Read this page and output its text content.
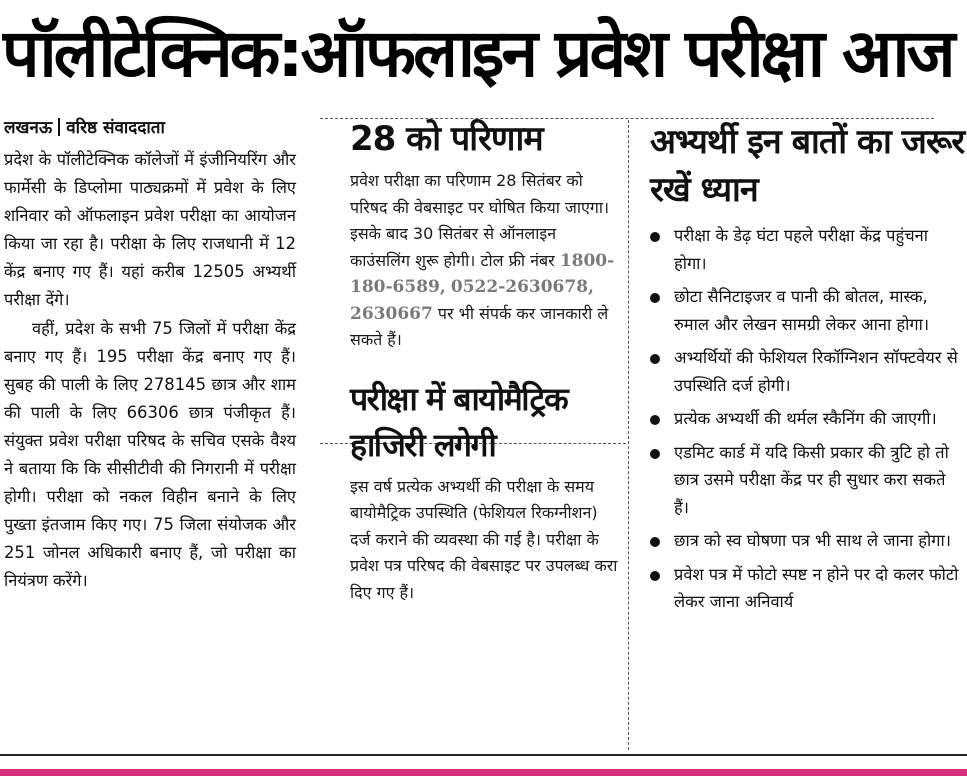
पॉलीटेक्निक:ऑफलाइन प्रवेश परीक्षा आज
लखनऊ वरिष्ठ संवाददाता

प्रदेश के पॉलीटेक्निक कॉलेजों में इंजीनियरिंग और फार्मेसी के डिप्लोमा पाठ्यक्रमों में प्रवेश के लिए शनिवार को ऑफलाइन प्रवेश परीक्षा का आयोजन किया जा रहा है। परीक्षा के लिए राजधानी में 12 केंद्र बनाए गए हैं। यहां करीब 12505 अभ्यर्थी परीक्षा देंगे।

वहीं, प्रदेश के सभी 75 जिलों में परीक्षा केंद्र बनाए गए हैं। 195 परीक्षा केंद्र बनाए गए हैं। सुबह की पाली के लिए 278145 छात्र और शाम की पाली के लिए 66306 छात्र पंजीकृत हैं। संयुक्त प्रवेश परीक्षा परिषद के सचिव एसके वैश्य ने बताया कि कि सीसीटीवी की निगरानी में परीक्षा होगी। परीक्षा को नकल विहीन बनाने के लिए पुख्ता इंतजाम किए गए। 75 जिला संयोजक और 251 जोनल अधिकारी बनाए हैं, जो परीक्षा का नियंत्रण करेंगे।

28 को परिणाम
प्रवेश परीक्षा का परिणाम 28 सितंबर को परिषद की वेबसाइट पर घोषित किया जाएगा। इसके बाद 30 सितंबर से ऑनलाइन काउंसलिंग शुरू होगी। टोल फ्री नंबर 1800-180-6589, 0522-2630678, 2630667 पर भी संपर्क कर जानकारी ले सकते हैं।
परीक्षा में बायोमैट्रिक हाजिरी लगेगी
इस वर्ष प्रत्येक अभ्यर्थी की परीक्षा के समय बायोमैट्रिक उपस्थिति (फेशियल रिकग्नीशन) दर्ज कराने की व्यवस्था की गई है। परीक्षा के प्रवेश पत्र परिषद की वेबसाइट पर उपलब्ध करा दिए गए हैं।
अभ्यर्थी इन बातों का जरूर रखें ध्यान
परीक्षा के डेढ़ घंटा पहले परीक्षा केंद्र पहुंचना होगा।
छोटा सैनिटाइजर व पानी की बोतल, मास्क, रुमाल और लेखन सामग्री लेकर आना होगा।
अभ्यर्थियों की फेशियल रिकॉग्निशन सॉफ्टवेयर से उपस्थिति दर्ज होगी।
प्रत्येक अभ्यर्थी की थर्मल स्कैनिंग की जाएगी।
एडमिट कार्ड में यदि किसी प्रकार की त्रुटि हो तो छात्र उसमे परीक्षा केंद्र पर ही सुधार करा सकते हैं।
छात्र को स्व घोषणा पत्र भी साथ ले जाना होगा।
प्रवेश पत्र में फोटो स्पष्ट न होने पर दो कलर फोटो लेकर जाना अनिवार्य
